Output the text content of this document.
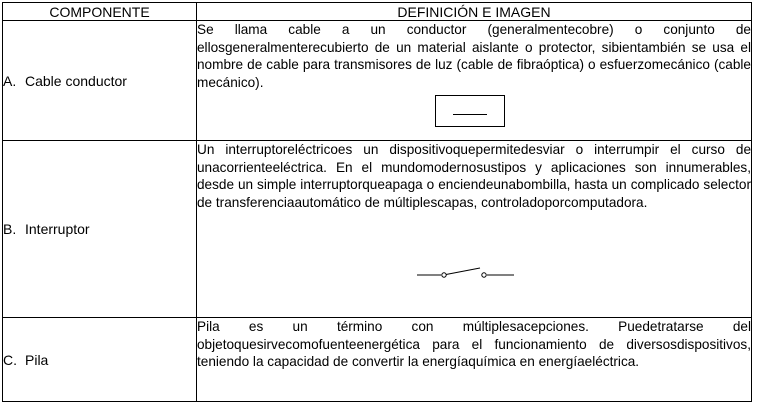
COMPONENTE	DEFINICIÓN E IMAGEN
A. Cable conductor	Se llama cable a un conductor (generalmentecobre) o conjunto de ellosgeneralmenterecubierto de un material aislante o protector, sibientambién se usa el nombre de cable para transmisores de luz (cable de fibraóptica) o esfuerzomecánico (cable mecánico).

B. Interruptor	Un interruptoreléctricoes un dispositivoquepermitedesviar o interrumpir el curso de unacorrienteeléctrica. En el mundomodernosustipos y aplicaciones son innumerables, desde un simple interruptorqueapaga o enciendeunabombilla, hasta un complicado selector de transferenciaautomático de múltiplescapas, controladoporcomputadora.

C. Pila	Pila es un término con múltiplesacepciones. Puedetratarse del objetoquesirvecomofuenteenergética para el funcionamiento de diversosdispositivos, teniendo la capacidad de convertir la energíaquímica en energíaeléctrica.
